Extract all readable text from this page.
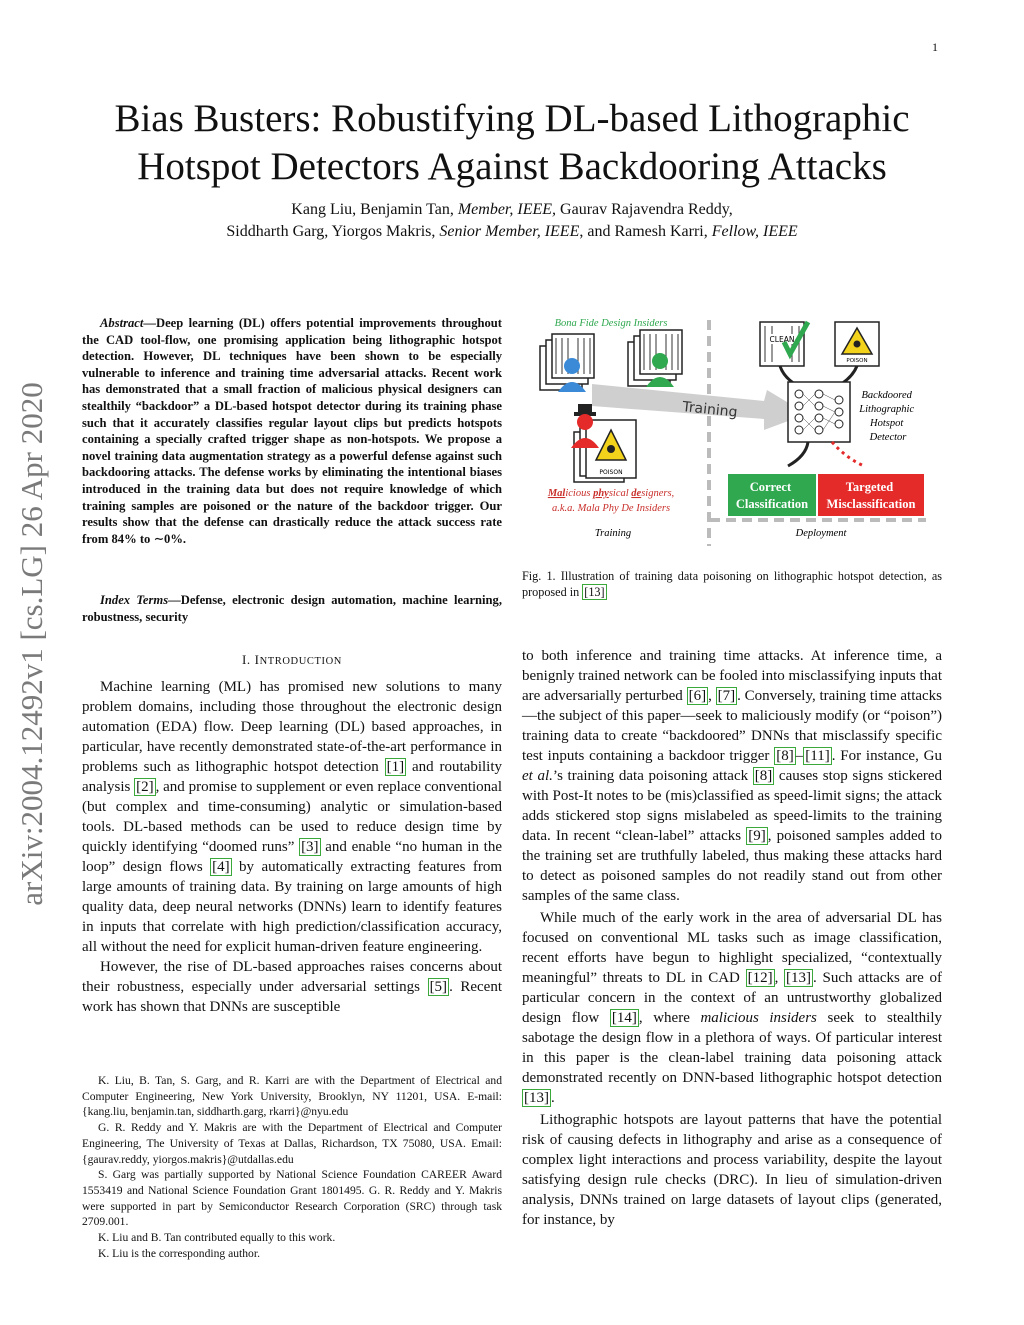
1
Bias Busters: Robustifying DL-based Lithographic
Hotspot Detectors Against Backdooring Attacks
Kang Liu, Benjamin Tan, Member, IEEE, Gaurav Rajavendra Reddy,
Siddharth Garg, Yiorgos Makris, Senior Member, IEEE, and Ramesh Karri, Fellow, IEEE
arXiv:2004.12492v1 [cs.LG] 26 Apr 2020
Abstract—Deep learning (DL) offers potential improvements throughout the CAD tool-flow, one promising application being lithographic hotspot detection. However, DL techniques have been shown to be especially vulnerable to inference and training time adversarial attacks. Recent work has demonstrated that a small fraction of malicious physical designers can stealthily “backdoor” a DL-based hotspot detector during its training phase such that it accurately classifies regular layout clips but predicts hotspots containing a specially crafted trigger shape as non-hotspots. We propose a novel training data augmentation strategy as a powerful defense against such backdooring attacks. The defense works by eliminating the intentional biases introduced in the training data but does not require knowledge of which training samples are poisoned or the nature of the backdoor trigger. Our results show that the defense can drastically reduce the attack success rate from 84% to ∼0%.
Index Terms—Defense, electronic design automation, machine learning, robustness, security
I. INTRODUCTION

Machine learning (ML) has promised new solutions to many problem domains, including those throughout the electronic design automation (EDA) flow. Deep learning (DL) based approaches, in particular, have recently demonstrated state-of-the-art performance in problems such as lithographic hotspot detection [1] and routability analysis [2] , and promise to supplement or even replace conventional (but complex and time-consuming) analytic or simulation-based tools. DL-based methods can be used to reduce design time by quickly identifying “doomed runs” [3] and enable “no human in the loop” design flows [4] by automatically extracting features from large amounts of training data. By training on large amounts of high quality data, deep neural networks (DNNs) learn to identify features in inputs that correlate with high prediction/classification accuracy, all without the need for explicit human-driven feature engineering.

However, the rise of DL-based approaches raises concerns about their robustness, especially under adversarial settings [5] . Recent work has shown that DNNs are susceptible

K. Liu, B. Tan, S. Garg, and R. Karri are with the Department of Electrical and Computer Engineering, New York University, Brooklyn, NY 11201, USA. E-mail: {kang.liu, benjamin.tan, siddharth.garg, rkarri}@nyu.edu

G. R. Reddy and Y. Makris are with the Department of Electrical and Computer Engineering, The University of Texas at Dallas, Richardson, TX 75080, USA. Email: {gaurav.reddy, yiorgos.makris}@utdallas.edu

S. Garg was partially supported by National Science Foundation CAREER Award 1553419 and National Science Foundation Grant 1801495. G. R. Reddy and Y. Makris were supported in part by Semiconductor Research Corporation (SRC) through task 2709.001.

K. Liu and B. Tan contributed equally to this work.

K. Liu is the corresponding author.

Bona Fide Design Insiders
Training
POISON
Malicious physical designers,
a.k.a. Mala Phy De Insiders
Training	Deployment
CLEAN
POISON
Backdoored Lithographic Hotspot Detector
Correct Classification
Targeted Misclassification
Fig. 1. Illustration of training data poisoning on lithographic hotspot detection, as proposed in [13]

to both inference and training time attacks. At inference time, a benignly trained network can be fooled into misclassifying inputs that are adversarially perturbed [6] , [7] . Conversely, training time attacks—the subject of this paper—seek to maliciously modify (or “poison”) training data to create “backdoored” DNNs that misclassify specific test inputs containing a backdoor trigger [8] – [11] . For instance, Gu et al.’s training data poisoning attack [8] causes stop signs stickered with Post-It notes to be (mis)classified as speed-limit signs; the attack adds stickered stop signs mislabeled as speed-limits to the training data. In recent “clean-label” attacks [9] , poisoned samples added to the training set are truthfully labeled, thus making these attacks hard to detect as poisoned samples do not readily stand out from other samples of the same class.

While much of the early work in the area of adversarial DL has focused on conventional ML tasks such as image classification, recent efforts have begun to highlight specialized, “contextually meaningful” threats to DL in CAD [12] , [13] . Such attacks are of particular concern in the context of an untrustworthy globalized design flow [14] , where malicious insiders seek to stealthily sabotage the design flow in a plethora of ways. Of particular interest in this paper is the clean-label training data poisoning attack demonstrated recently on DNN-based lithographic hotspot detection [13] .

Lithographic hotspots are layout patterns that have the potential risk of causing defects in lithography and arise as a consequence of complex light interactions and process variability, despite the layout satisfying design rule checks (DRC). In lieu of simulation-driven analysis, DNNs trained on large datasets of layout clips (generated, for instance, by
